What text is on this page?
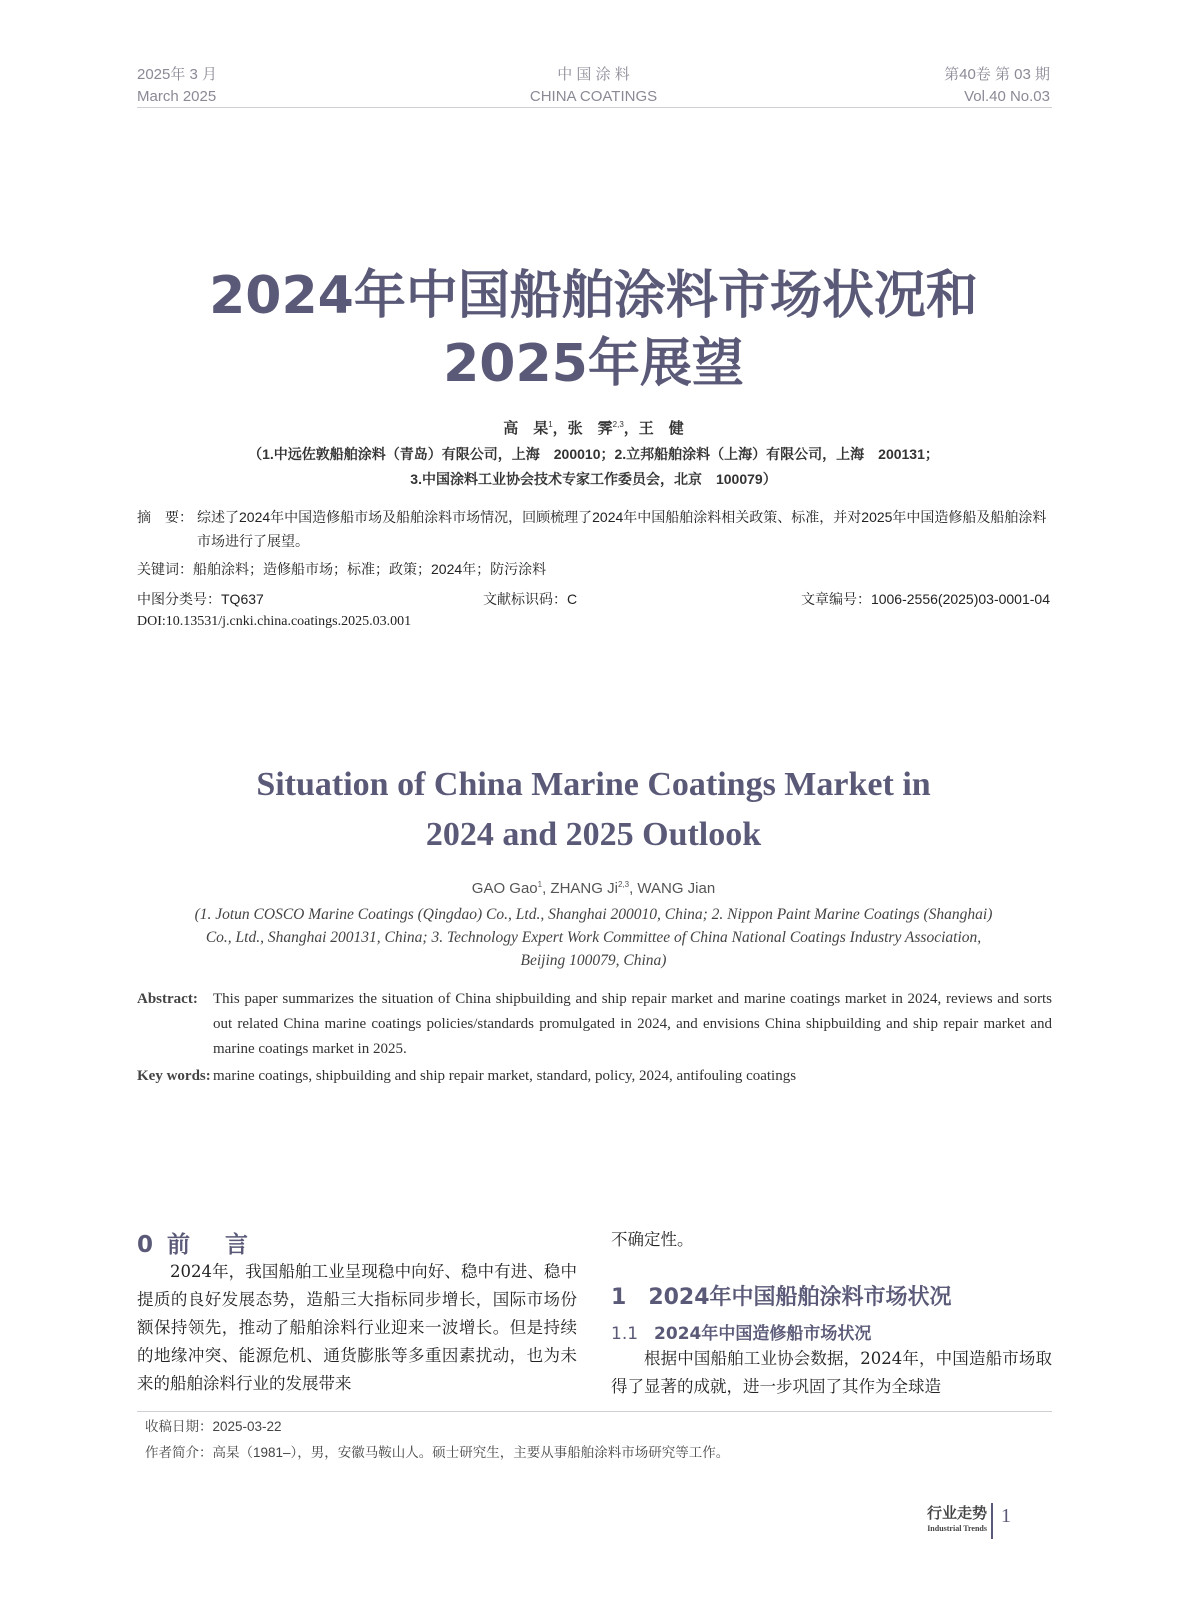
2025年 3 月
March 2025
中 国 涂 料
CHINA COATINGS
第40卷 第 03 期
Vol.40 No.03
2024年中国船舶涂料市场状况和
2025年展望
高　杲$^1$，张　霁$^{2,3}$，王　健
（1.中远佐敦船舶涂料（青岛）有限公司，上海　200010；2.立邦船舶涂料（上海）有限公司，上海　200131；
3.中国涂料工业协会技术专家工作委员会，北京　100079）
摘　要： 综述了2024年中国造修船市场及船舶涂料市场情况，回顾梳理了2024年中国船舶涂料相关政策、标准，并对2025年中国造修船及船舶涂料市场进行了展望。
关键词：船舶涂料；造修船市场；标准；政策；2024年；防污涂料
中图分类号：TQ637	文献标识码：C	文章编号：1006-2556(2025)03-0001-04
DOI:10.13531/j.cnki.china.coatings.2025.03.001
Situation of China Marine Coatings Market in
2024 and 2025 Outlook
GAO Gao$^1$, ZHANG Ji$^{2,3}$, WANG Jian
(1. Jotun COSCO Marine Coatings (Qingdao) Co., Ltd., Shanghai 200010, China; 2. Nippon Paint Marine Coatings (Shanghai)
Co., Ltd., Shanghai 200131, China; 3. Technology Expert Work Committee of China National Coatings Industry Association,
Beijing 100079, China)
Abstract: This paper summarizes the situation of China shipbuilding and ship repair market and marine coatings market in 2024, reviews and sorts out related China marine coatings policies/standards promulgated in 2024, and envisions China shipbuilding and ship repair market and marine coatings market in 2025.
Key words: marine coatings, shipbuilding and ship repair market, standard, policy, 2024, antifouling coatings
0 前　言
2024年，我国船舶工业呈现稳中向好、稳中有进、稳中提质的良好发展态势，造船三大指标同步增长，国际市场份额保持领先，推动了船舶涂料行业迎来一波增长。但是持续的地缘冲突、能源危机、通货膨胀等多重因素扰动，也为未来的船舶涂料行业的发展带来
不确定性。
1 2024年中国船舶涂料市场状况
1.1 2024年中国造修船市场状况
根据中国船舶工业协会数据，2024年，中国造船市场取得了显著的成就，进一步巩固了其作为全球造
收稿日期：2025-03-22
作者简介：高杲（1981–），男，安徽马鞍山人。硕士研究生，主要从事船舶涂料市场研究等工作。
行业走势
Industrial Trends
1
